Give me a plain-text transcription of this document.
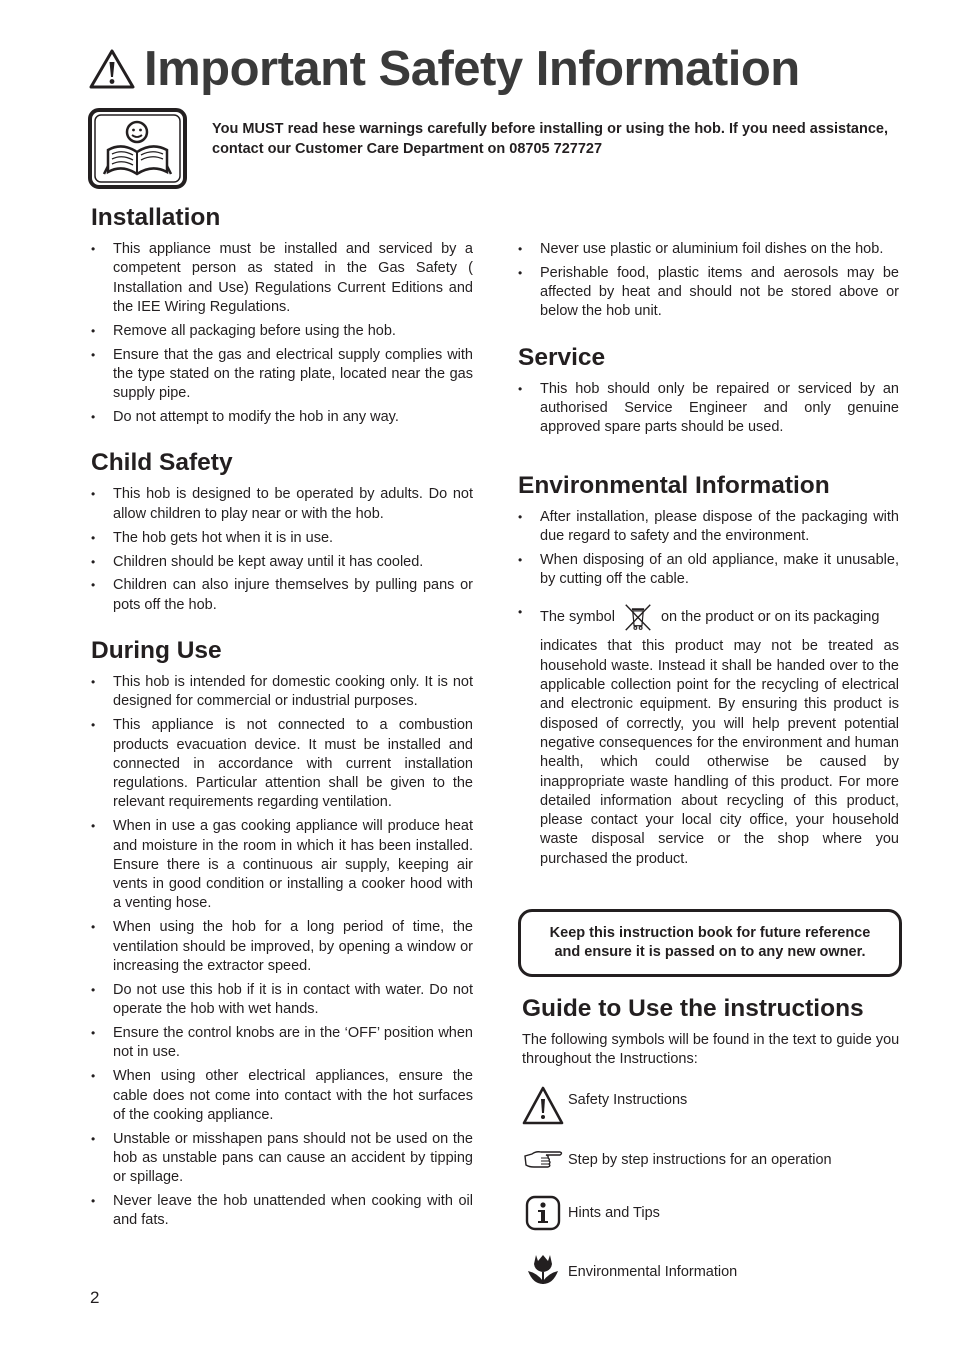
Important Safety Information
You MUST read hese warnings carefully before installing or using the hob. If you need assistance, contact our Customer Care Department on 08705 727727
Installation
• This appliance must be installed and serviced by a competent person as stated in the Gas Safety ( Installation and Use) Regulations Current Editions and the IEE Wiring Regulations.
• Remove all packaging before using the hob.
• Ensure that the gas and electrical supply complies with the type stated on the rating plate, located near the gas supply pipe.
• Do not attempt to modify the hob in any way.
Child Safety
• This hob is designed to be operated by adults. Do not allow children to play near or with the hob.
• The hob gets hot when it is in use.
• Children should be kept away until it has cooled.
• Children can also injure themselves by pulling pans or pots off the hob.
During Use
• This hob is intended for domestic cooking only. It is not designed for commercial or industrial purposes.
• This appliance is not connected to a combustion products evacuation device. It must be installed and connected in accordance with current installation regulations. Particular attention shall be given to the relevant requirements regarding ventilation.
• When in use a gas cooking appliance will produce heat and moisture in the room in which it has been installed. Ensure there is a continuous air supply, keeping air vents in good condition or installing a cooker hood with a venting hose.
• When using the hob for a long period of time, the ventilation should be improved, by opening a window or increasing the extractor speed.
• Do not use this hob if it is in contact with water. Do not operate the hob with wet hands.
• Ensure the control knobs are in the ‘OFF’ position when not in use.
• When using other electrical appliances, ensure the cable does not come into contact with the hot surfaces of the cooking appliance.
• Unstable or misshapen pans should not be used on the hob as unstable pans can cause an accident by tipping or spillage.
• Never leave the hob unattended when cooking with oil and fats.
• Never use plastic or aluminium foil dishes on the hob.
• Perishable food, plastic items and aerosols may be affected by heat and should not be stored above or below the hob unit.
Service
• This hob should only be repaired or serviced by an authorised Service Engineer and only genuine approved spare parts should be used.
Environmental Information
• After installation, please dispose of the packaging with due regard to safety and the environment.
• When disposing of an old appliance, make it unusable, by cutting off the cable.
• The symbol	on the product or on its packaging
indicates that this product may not be treated as household waste. Instead it shall be handed over to the applicable collection point for the recycling of electrical and electronic equipment. By ensuring this product is disposed of correctly, you will help prevent potential negative consequences for the environment and human health, which could otherwise be caused by inappropriate waste handling of this product. For more detailed information about recycling of this product, please contact your local city office, your household waste disposal service or the shop where you purchased the product.
Keep this instruction book for future reference
and ensure it is passed on to any new owner.
Guide to Use the instructions

The following symbols will be found in the text to guide you throughout the Instructions:

Safety Instructions
Step by step instructions for an operation
Hints and Tips
Environmental Information
2
